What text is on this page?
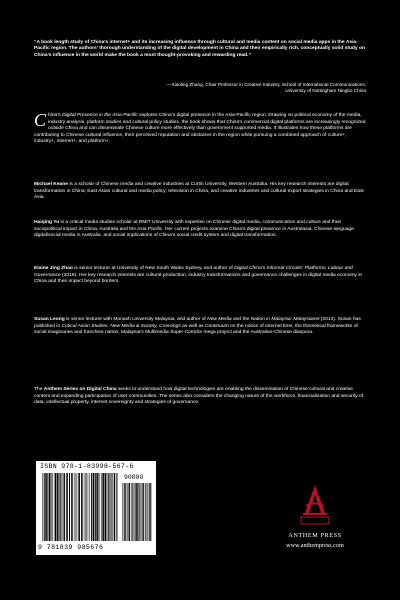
“A book length study of China’s internet+ and its increasing influence through cultural and media content on social media apps in the Asia-Pacific region. The authors’ thorough understanding of the digital development in China and their empirically rich, conceptually solid study on China’s influence in the world make the book a most thought-provoking and rewarding read.”
—Xiaoling Zhang, Chair Professor in Creative Industry, School of International Communications,
University of Nottingham Ningbo China
China’s Digital Presence in the Asia-Pacific explores China’s digital presence in the Asia-Pacific region. Drawing on political economy of the media, industry analysis, platform studies and cultural policy studies, the book shows that China’s commercial digital platforms are increasingly recognized outside China and can disseminate Chinese culture more effectively than government supported media. It illustrates how these platforms are contributing to Chinese cultural influence, their perceived reputation and obstacles in the region while pursuing a combined approach of culture+, industry+, internet+, and platform+.
Michael Keane is a scholar of Chinese media and creative industries at Curtin University, Western Australia. His key research interests are digital transformation in China; East Asian cultural and media policy; television in China, and creative industries and cultural export strategies in China and East Asia.
Haiqing Yu is a critical media studies scholar at RMIT University with expertise on Chinese digital media, communication and culture and their sociopolitical impact in China, Australia and the Asia Pacific. Her current projects examine China’s digital presence in Australasia, Chinese-language digital/social media in Australia, and social implications of China’s social credit system and digital transformation.
Elaine Jing Zhao is senior lecturer at University of New South Wales Sydney, and author of Digital China’s Informal Circuits: Platforms, Labour and Governance (2019). Her key research interests are cultural production, industry transformations and governance challenges in digital media economy in China and their impact beyond borders.
Susan Leong is senior lecturer with Monash University Malaysia, and author of New Media and the Nation in Malaysia: Malaysianet (2014). Susan has published in Critical Asian Studies, New Media & Society, Crossings as well as Continuum on the notion of Internet time, the theoretical frameworks of social imaginaries and franchise nation, Malaysia’s Multimedia Super Corridor mega project and the Australian-Chinese diaspora.
The Anthem Series on Digital China seeks to understand how digital technologies are enabling the dissemination of Chinese cultural and creative content and expanding participation of user communities. The series also considers the changing nature of the workforce, financialization and security of data, intellectual property, internet sovereignty and strategies of governance.
ISBN 978-1-83998-567-6
90000
9 781839 985676
ANTHEM PRESS
www.anthempress.com
